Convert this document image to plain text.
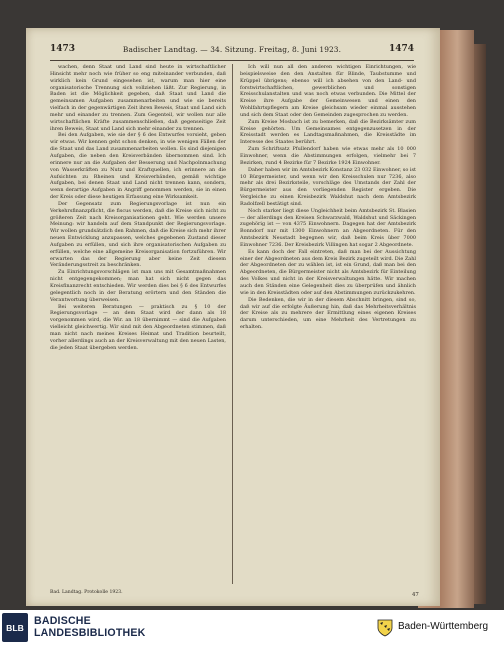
1473	Badischer Landtag. — 34. Sitzung. Freitag, 8. Juni 1923.	1474

wachen, denn Staat und Land sind heute in wirtschaftlicher Hinsicht mehr noch wie früher so eng miteinander verbunden, daß wirklich kein Grund eingesehen ist, warum man hier eine organisatorische Trennung sich vollziehen läßt. Zur Regierung, in Baden ist die Möglichkeit gegeben, daß Staat und Land die gemeinsamen Aufgaben zusammenarbeiten und wie sie bereits vielfach in der gegenwärtigen Zeit ihren Beweis, Staat und Land sich mehr und einander zu trennen. Zum Gegenteil, wir wollen nur alle wirtschaftlichen Kräfte zusammenschließen, daß gegenseitige Zeit ihren Beweis, Staat und Land sich mehr einander zu trennen.

Bei den Aufgaben, wie sie der § 6 des Entwurfes vorsieht, geben wir etwas. Wir kennen geht schon denken, in wie wenigen Fällen der die Staat und das Land zusammenarbeiten wollen. Es sind diejenigen Aufgaben, die neben den Kreisverbänden übernommen sind. Ich erinnere nur an die Aufgaben der Besserung und Nachpolnmachung von Wasserkräften zu Nutz und Kraftquellen, ich erinnere an die Aufsichten zu Rheinen und Kreisverbänden, gemäß wichtige Aufgaben, bei denen Staat und Land nicht trennen kann, sondern, wenn derartige Aufgaben in Angriff genommen werden, sie in einen der Kreis oder diese heutigen Erfassung eine Wirksamkeit.

Der Gegensatz zum Regierungsvorlage ist nun ein Verkehrsfinanzpflicht, die fiscus werden, daß die Kreise sich nicht zu größeren Zeit nach Kreisorganisationen geht. Wie werden unsere Meinung: wir handeln auf dem Standpunkt der Regierungsvorlage. Wir wollen grundsätzlich den Rahmen, daß die Kreise sich mehr ihrer neuen Entwicklung anzupassen, welches gegebenen Zustand dieser Aufgaben zu erfüllen, und sich ihre organisatorischen Aufgaben zu erfüllen, welche eine allgemeine Kreisorganisation fortzuführen. Wir erwarten das der Regierung aber keine Zeit diesem Veränderungsstreit zu beschränken.

Zu Einrichtungsvorschlägen ist man uns mit Gesamtmaßnahmen nicht entgegengekommen; man hat sich nicht gegen das Kreisfinanzrecht entschieden. Wir werden dies bei § 6 des Entwurfes gelegentlich noch in der Beratung erörtern und den Ständen die Verantwortung überweisen.

Bei weiteren Beratungen — praktisch zu § 10 der Regierungsvorlage — an dem Staat wird der dann als 18 vorgenommen wird, die Wir. an 18 übernimmt — sind die Aufgaben vielleicht gleichwertig. Wir sind mit den Abgeordneten stimmen, daß man nicht nach meines Kreises Heimat und Tradition beurteilt, vorher allerdings auch an der Kreisverwaltung mit den neuen Lasten, die jeden Staat übergeben werden.

Ich will nun all den anderen wichtigen Einrichtungen, wie beispielsweise den den Anstalten für Blinde, Taubstumme und Krüppel übrigens; ebenso will ich absehen von den Land- und forstwirtschaftlichen, gewerblichen und sonstigen Kreisschulanstalten und was noch etwas verbunden. Die Mittel der Kreise ihre Aufgabe der Gemeinwesen und einen den Wohlfahrtspflegern am Kreise gleichsam wieder einmal ausstehen und sich dem Staat oder den Gemeinden zugesprochen zu werden.

Zum Kreise Mosbach ist zu bemerken, daß die Bezirksämter zum Kreise gehörten. Um Gemeinsames entgegenzusetzen in der Kreisstadt werden es Landtagsmaßnahmen, die Kreisstädte im Interesse des Staates berührt.

Zum Schriftsatz Pfullendorf haben wie etwas mehr als 10 000 Einwohner, wenn die Abstimmungen erfolgen, vielmehr bei 7 Bezirken, rund 4 Bezirke für 7 Bezirke 1924 Einwohner.

Daher haben wir im Amtsbezirk Konstanz 23 032 Einwohner, so ist 10 Bürgermeister, und wenn wir den Kreisschulen nur 7236, also mehr als drei Bezirksteile, vorschläge des Umstands der Zahl der Bürgermeister aus den vorliegenden Register ergeben. Die Vergleiche zu einen Kreisbezirk Waldshut nach dem Amtsbezirk Radolfzell bestätigt sind.

Noch starker liegt diese Ungleichheit beim Amtsbezirk St. Blasien — der allerdings den Kreisen Schwarzwald, Waldshut und Säckingen zugehörig ist — von 4375 Einwohnern. Dagegen hat der Amtsbezirk Bonndorf nur mit 1300 Einwohnern an Abgeordneten. Für den Amtsbezirk Neustadt begegnen wir, daß beim Kreis über 7000 Einwohner 7236. Der Kreisbezirk Villingen hat sogar 2 Abgeordnete.

Es kann doch der Fall eintreten, daß man bei der Aussichtung einer der Abgeordneten aus dem Kreis Bezirk zugeteilt wird. Die Zahl der Abgeordneten der zu wählen ist, ist ein Grund, daß man bei den Abgeordneten, die Bürgermeister nicht als Amtsbezirk für Einteilung des Volkes und nicht in der Kreisverwaltungen hätte. Wir machen auch den Ständen eine Gelegenheit dies zu überprüfen und ähnlich wie in den Kreisstädten oder auf den Abstimmungen zurückzukehren.

Die Bedenken, die wir in der diesem Abschnitt bringen, sind so, daß wir auf die erfolgte Äußerung hin, daß das Mehrheitsverhältnis der Kreise als zu mehrere der Ermittlung eines eigenen Kreises darum unterschieden, um eine Mehrheit des Vertretungen zu erhalten.

Bad. Landtag. Protokolle 1923.	47
BLB
BADISCHE
LANDESBIBLIOTHEK
Baden-Württemberg
